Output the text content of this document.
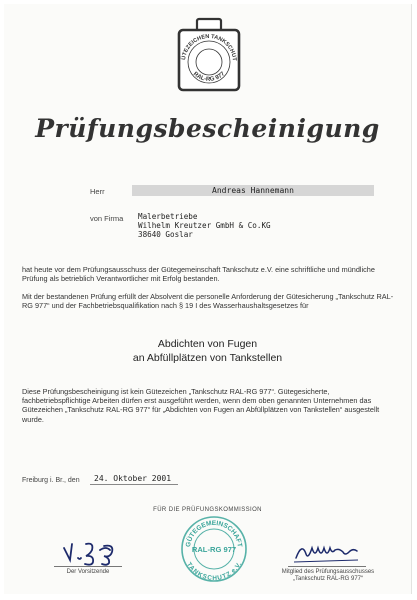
ÜTEZEICHEN TANKSCHUT
RAL-RG 977
Prüfungsbescheinigung
Herr	Andreas Hannemann
von Firma Malerbetriebe
Wilhelm Kreutzer GmbH & Co.KG
38640 Goslar
hat heute vor dem Prüfungsausschuss der Gütegemeinschaft Tankschutz e.V. eine schriftliche und mündliche Prüfung als betrieblich Verantwortlicher mit Erfolg bestanden.
Mit der bestandenen Prüfung erfüllt der Absolvent die personelle Anforderung der Gütesicherung „Tankschutz RAL-RG 977“ und der Fachbetriebsqualifikation nach § 19 I des Wasserhaushaltsgesetzes für
Abdichten von Fugen
an Abfüllplätzen von Tankstellen
Diese Prüfungsbescheinigung ist kein Gütezeichen „Tankschutz RAL-RG 977“. Gütegesicherte, fachbetriebspflichtige Arbeiten dürfen erst ausgeführt werden, wenn dem oben genannten Unternehmen das Gütezeichen „Tankschutz RAL-RG 977“ für „Abdichten von Fugen an Abfüllplätzen von Tankstellen“ ausgestellt wurde.
Freiburg i. Br., den 24. Oktober 2001
FÜR DIE PRÜFUNGSKOMMISSION
Der Vorsitzende
GÜTEGEMEINSCHAFT
RAL-RG 977
TANKSCHUTZ e.V.
Mitglied des Prüfungsausschusses
„Tankschutz RAL-RG 977“
